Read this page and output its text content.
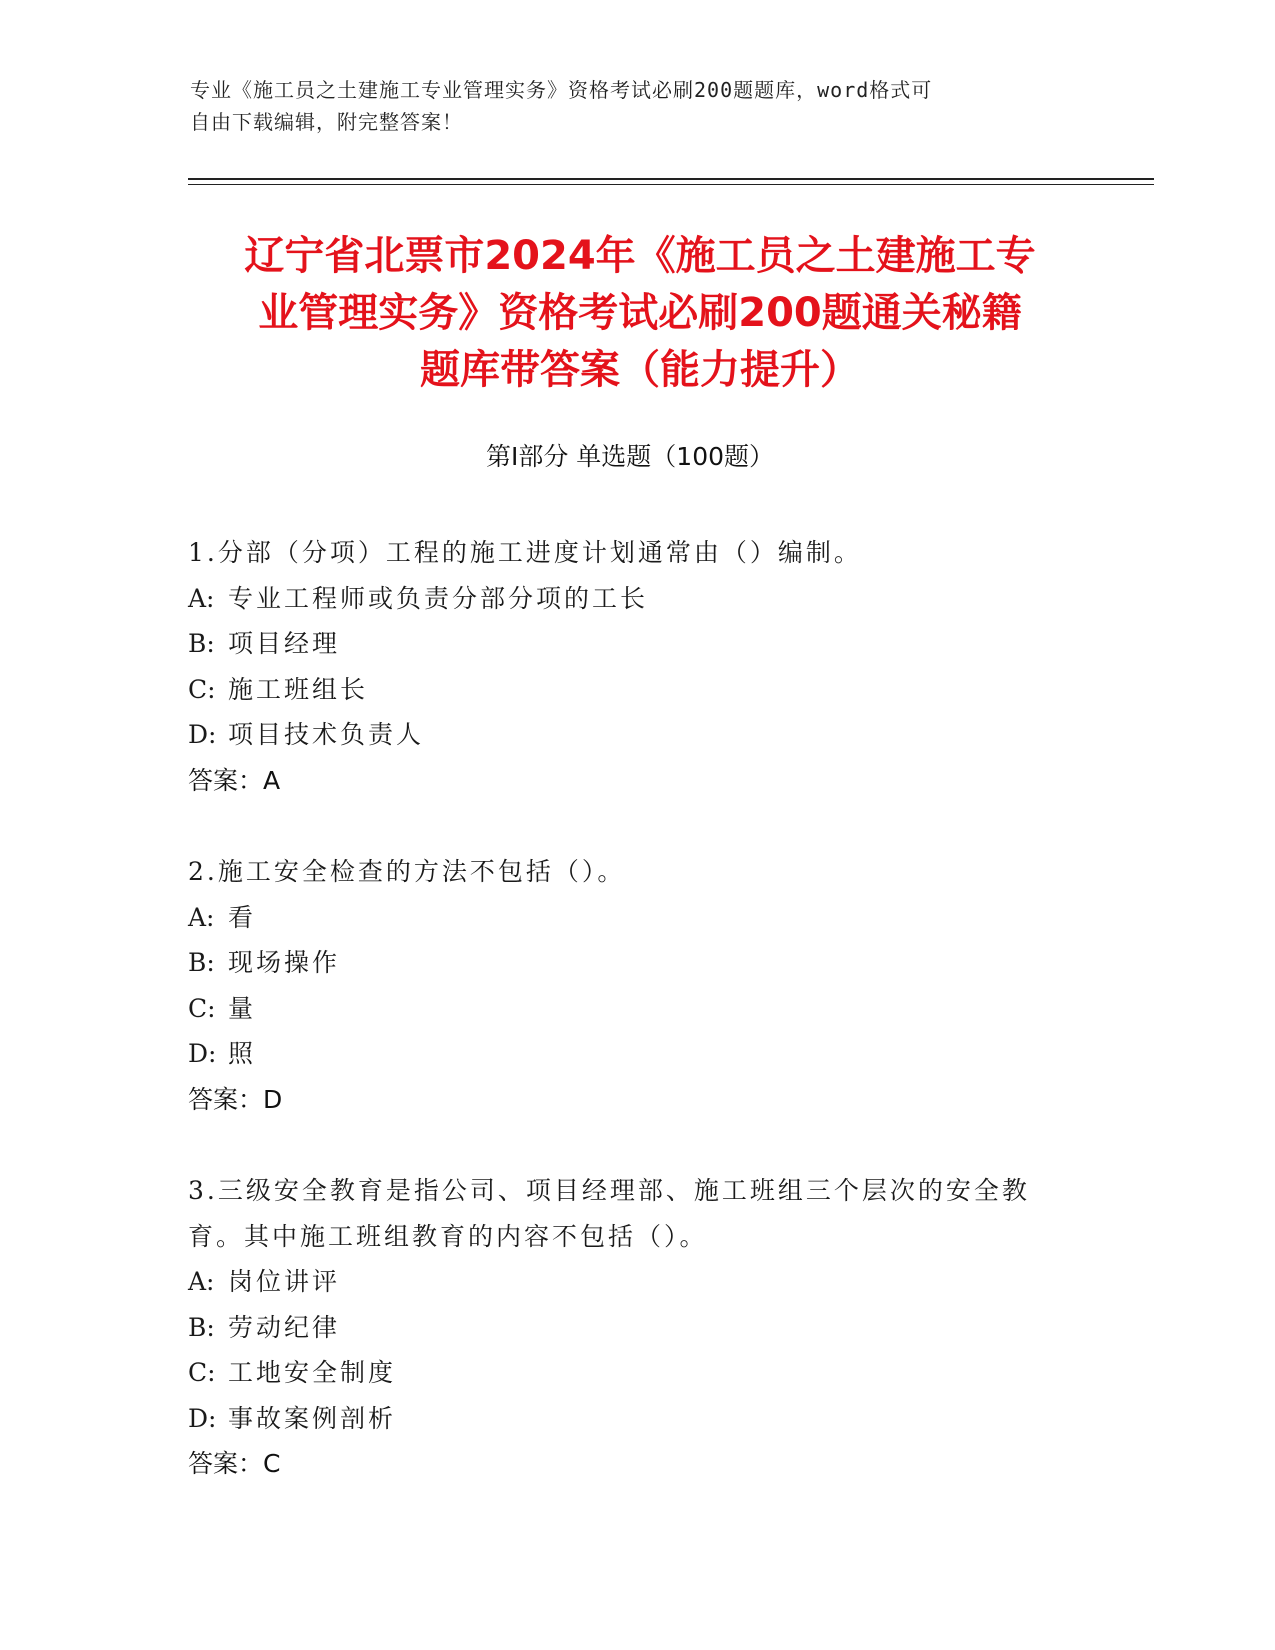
专业《施工员之土建施工专业管理实务》资格考试必刷200题题库，word格式可
自由下载编辑，附完整答案！
辽宁省北票市2024年《施工员之土建施工专
业管理实务》资格考试必刷200题通关秘籍
题库带答案（能力提升）
第I部分 单选题（100题）

1.分部（分项）工程的施工进度计划通常由（）编制。

A: 专业工程师或负责分部分项的工长

B: 项目经理

C: 施工班组长

D: 项目技术负责人

答案：A

2.施工安全检查的方法不包括（）。

A: 看

B: 现场操作

C: 量

D: 照

答案：D

3.三级安全教育是指公司、项目经理部、施工班组三个层次的安全教

育。其中施工班组教育的内容不包括（）。

A: 岗位讲评

B: 劳动纪律

C: 工地安全制度

D: 事故案例剖析

答案：C
